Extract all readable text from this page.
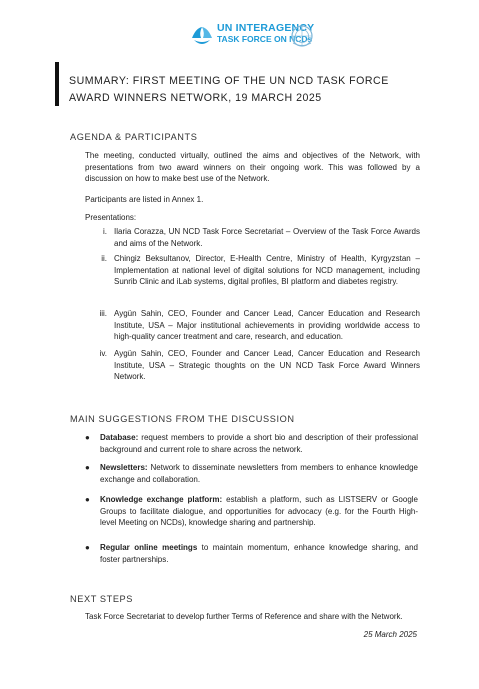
UN INTERAGENCY
TASK FORCE ON NCDs
SUMMARY: FIRST MEETING OF THE UN NCD TASK FORCE AWARD WINNERS NETWORK, 19 MARCH 2025
AGENDA & PARTICIPANTS
The meeting, conducted virtually, outlined the aims and objectives of the Network, with presentations from two award winners on their ongoing work. This was followed by a discussion on how to make best use of the Network.
Participants are listed in Annex 1.
Presentations:
i. Ilaria Corazza, UN NCD Task Force Secretariat – Overview of the Task Force Awards and aims of the Network.
ii. Chingiz Beksultanov, Director, E-Health Centre, Ministry of Health, Kyrgyzstan – Implementation at national level of digital solutions for NCD management, including Sunrib Clinic and iLab systems, digital profiles, BI platform and diabetes registry.
iii. Aygün Sahin, CEO, Founder and Cancer Lead, Cancer Education and Research Institute, USA – Major institutional achievements in providing worldwide access to high-quality cancer treatment and care, research, and education.
iv. Aygün Sahin, CEO, Founder and Cancer Lead, Cancer Education and Research Institute, USA – Strategic thoughts on the UN NCD Task Force Award Winners Network.
MAIN SUGGESTIONS FROM THE DISCUSSION
●	Database: request members to provide a short bio and description of their professional background and current role to share across the network.
●	Newsletters: Network to disseminate newsletters from members to enhance knowledge exchange and collaboration.
●	Knowledge exchange platform: establish a platform, such as LISTSERV or Google Groups to facilitate dialogue, and opportunities for advocacy (e.g. for the Fourth High-level Meeting on NCDs), knowledge sharing and partnership.
●	Regular online meetings to maintain momentum, enhance knowledge sharing, and foster partnerships.
NEXT STEPS
Task Force Secretariat to develop further Terms of Reference and share with the Network.
25 March 2025
